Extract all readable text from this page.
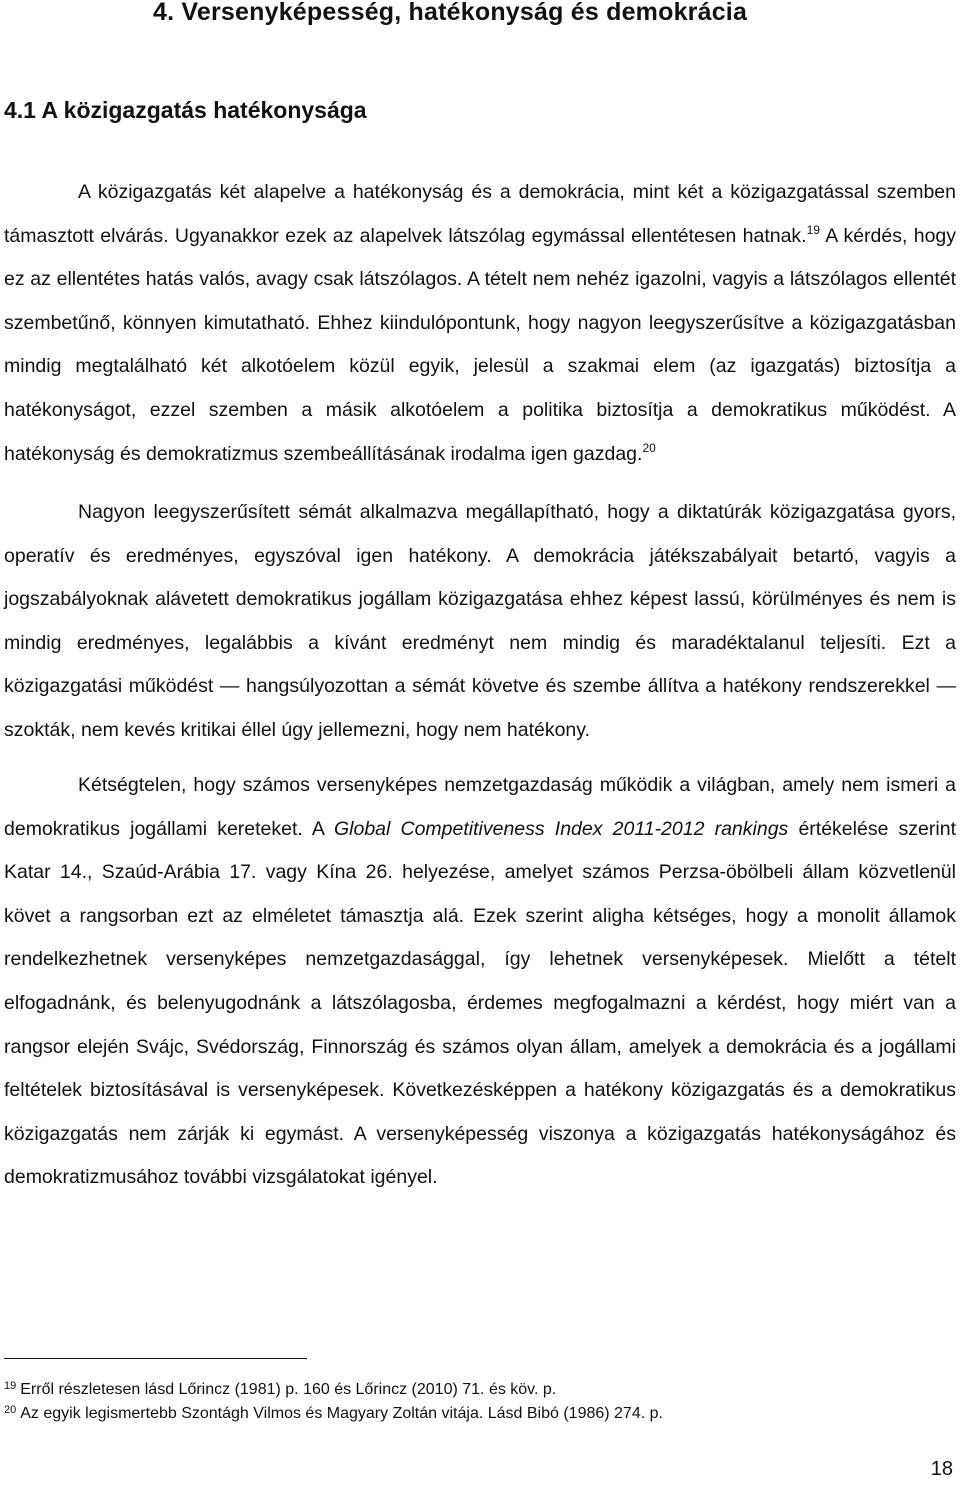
4. Versenyképesség, hatékonyság és demokrácia
4.1 A közigazgatás hatékonysága

A közigazgatás két alapelve a hatékonyság és a demokrácia, mint két a közigazgatással szemben támasztott elvárás. Ugyanakkor ezek az alapelvek látszólag egymással ellentétesen hatnak.$^{19}$ A kérdés, hogy ez az ellentétes hatás valós, avagy csak látszólagos. A tételt nem nehéz igazolni, vagyis a látszólagos ellentét szembetűnő, könnyen kimutatható. Ehhez kiindulópontunk, hogy nagyon leegyszerűsítve a közigazgatásban mindig megtalálható két alkotóelem közül egyik, jelesül a szakmai elem (az igazgatás) biztosítja a hatékonyságot, ezzel szemben a másik alkotóelem a politika biztosítja a demokratikus működést. A hatékonyság és demokratizmus szembeállításának irodalma igen gazdag.$^{20}$

Nagyon leegyszerűsített sémát alkalmazva megállapítható, hogy a diktatúrák közigazgatása gyors, operatív és eredményes, egyszóval igen hatékony. A demokrácia játékszabályait betartó, vagyis a jogszabályoknak alávetett demokratikus jogállam közigazgatása ehhez képest lassú, körülményes és nem is mindig eredményes, legalábbis a kívánt eredményt nem mindig és maradéktalanul teljesíti. Ezt a közigazgatási működést — hangsúlyozottan a sémát követve és szembe állítva a hatékony rendszerekkel — szokták, nem kevés kritikai éllel úgy jellemezni, hogy nem hatékony.

Kétségtelen, hogy számos versenyképes nemzetgazdaság működik a világban, amely nem ismeri a demokratikus jogállami kereteket. A Global Competitiveness Index 2011-2012 rankings értékelése szerint Katar 14., Szaúd-Arábia 17. vagy Kína 26. helyezése, amelyet számos Perzsa-öbölbeli állam közvetlenül követ a rangsorban ezt az elméletet támasztja alá. Ezek szerint aligha kétséges, hogy a monolit államok rendelkezhetnek versenyképes nemzetgazdasággal, így lehetnek versenyképesek. Mielőtt a tételt elfogadnánk, és belenyugodnánk a látszólagosba, érdemes megfogalmazni a kérdést, hogy miért van a rangsor elején Svájc, Svédország, Finnország és számos olyan állam, amelyek a demokrácia és a jogállami feltételek biztosításával is versenyképesek. Következésképpen a hatékony közigazgatás és a demokratikus közigazgatás nem zárják ki egymást. A versenyképesség viszonya a közigazgatás hatékonyságához és demokratizmusához további vizsgálatokat igényel.

$^{19}$ Erről részletesen lásd Lőrincz (1981) p. 160 és Lőrincz (2010) 71. és köv. p.

$^{20}$ Az egyik legismertebb Szontágh Vilmos és Magyary Zoltán vitája. Lásd Bibó (1986) 274. p.

18
